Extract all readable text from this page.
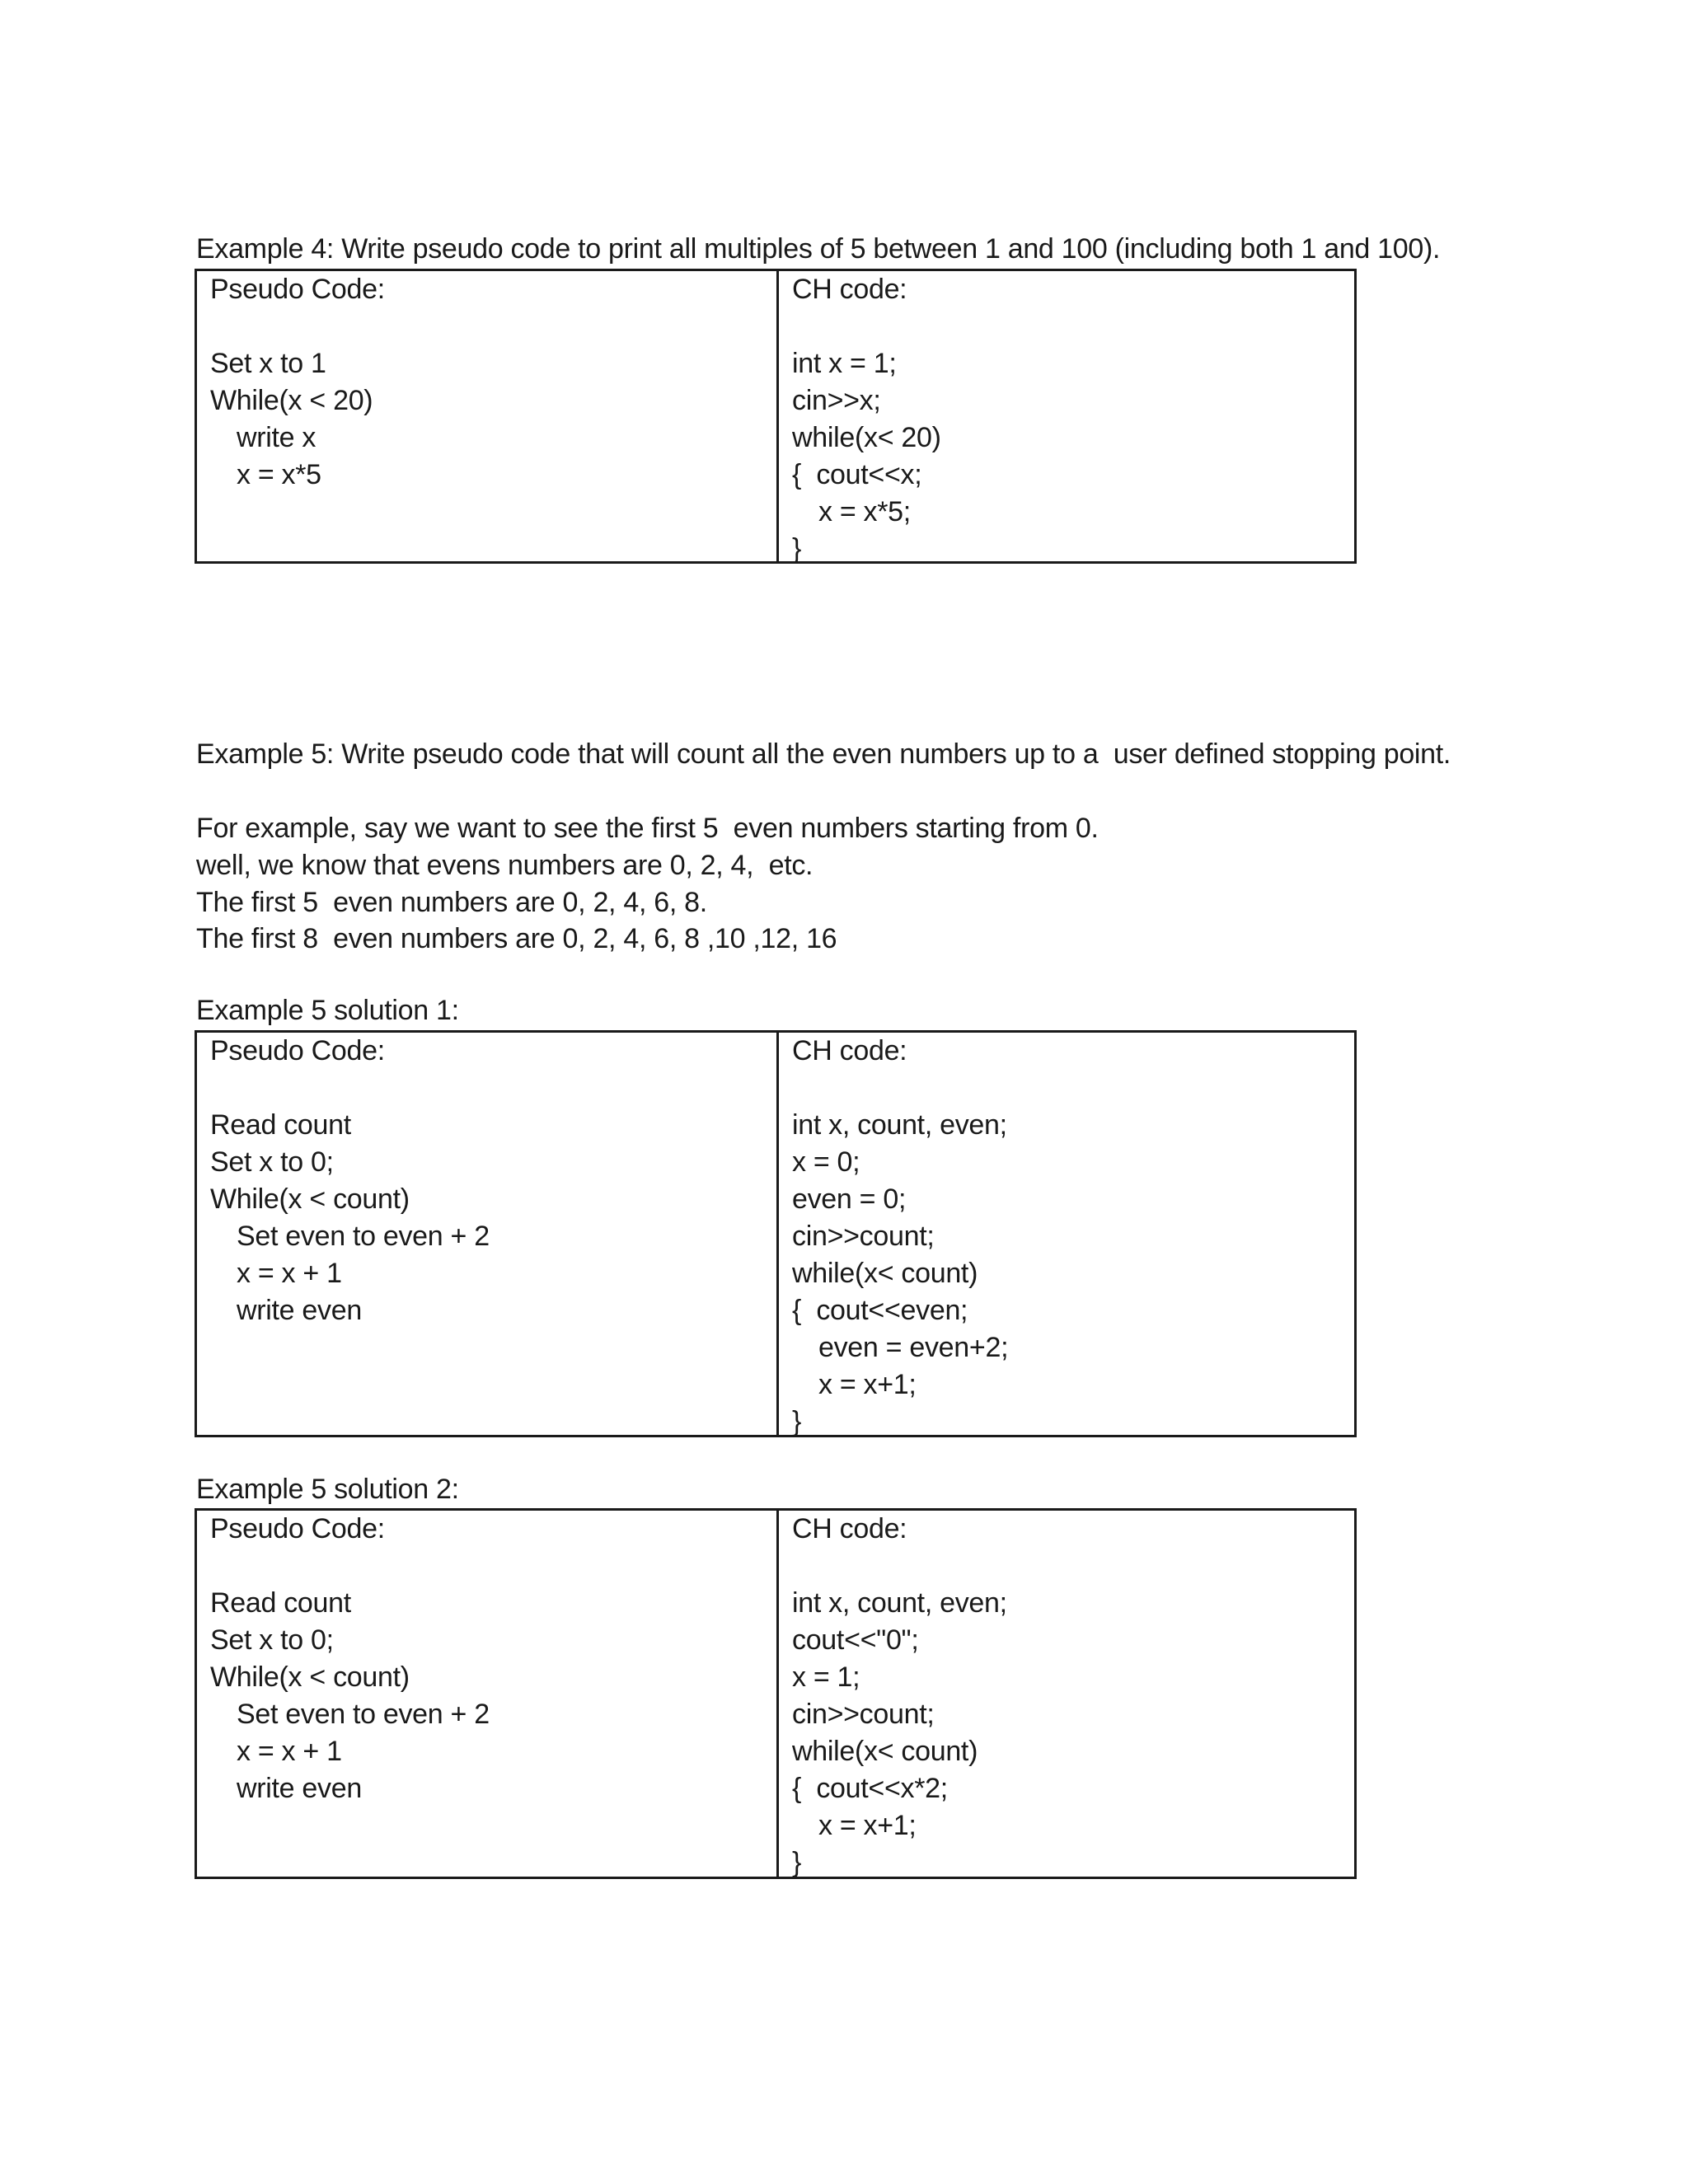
Example 4: Write pseudo code to print all multiples of 5 between 1 and 100 (including both 1 and 100).
Pseudo Code:
Set x to 1
While(x < 20)
write x
x = x*5
CH code:
int x = 1;
cin>>x;
while(x< 20)
{  cout<<x;
x = x*5;
}
Example 5: Write pseudo code that will count all the even numbers up to a  user defined stopping point.
For example, say we want to see the first 5  even numbers starting from 0.
well, we know that evens numbers are 0, 2, 4,  etc.
The first 5  even numbers are 0, 2, 4, 6, 8.
The first 8  even numbers are 0, 2, 4, 6, 8 ,10 ,12, 16
Example 5 solution 1:
Pseudo Code:
Read count
Set x to 0;
While(x < count)
Set even to even + 2
x = x + 1
write even
CH code:
int x, count, even;
x = 0;
even = 0;
cin>>count;
while(x< count)
{  cout<<even;
even = even+2;
x = x+1;
}
Example 5 solution 2:
Pseudo Code:
Read count
Set x to 0;
While(x < count)
Set even to even + 2
x = x + 1
write even
CH code:
int x, count, even;
cout<<"0";
x = 1;
cin>>count;
while(x< count)
{  cout<<x*2;
x = x+1;
}
